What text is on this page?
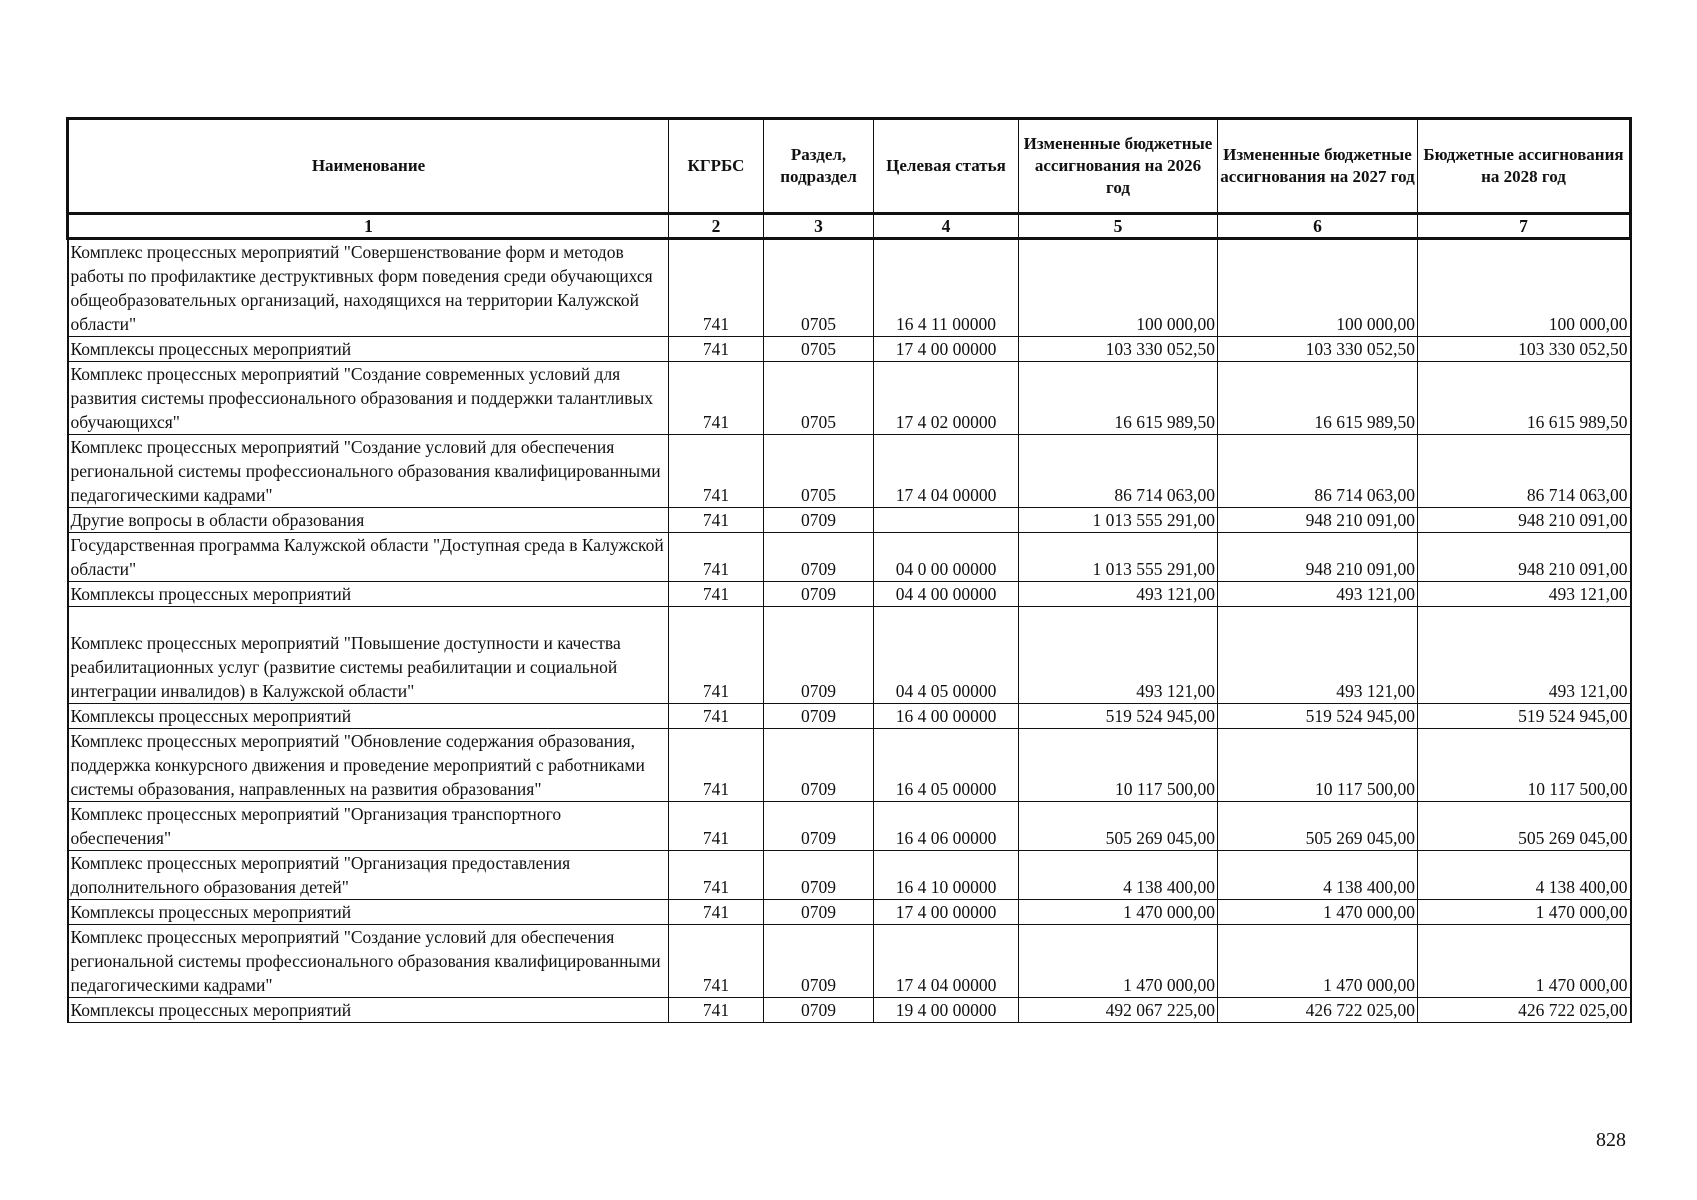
Наименование	КГРБС	Раздел, подраздел	Целевая статья	Измененные бюджетные ассигнования на 2026 год	Измененные бюджетные ассигнования на 2027 год	Бюджетные ассигнования на 2028 год
1	2	3	4	5	6	7
Комплекс процессных мероприятий "Совершенствование форм и методов работы по профилактике деструктивных форм поведения среди обучающихся общеобразовательных организаций, находящихся на территории Калужской области"	741	0705	16 4 11 00000	100 000,00	100 000,00	100 000,00
Комплексы процессных мероприятий	741	0705	17 4 00 00000	103 330 052,50	103 330 052,50	103 330 052,50
Комплекс процессных мероприятий "Создание современных условий для развития системы профессионального образования и поддержки талантливых обучающихся"	741	0705	17 4 02 00000	16 615 989,50	16 615 989,50	16 615 989,50
Комплекс процессных мероприятий "Создание условий для обеспечения региональной системы профессионального образования квалифицированными педагогическими кадрами"	741	0705	17 4 04 00000	86 714 063,00	86 714 063,00	86 714 063,00
Другие вопросы в области образования	741	0709		1 013 555 291,00	948 210 091,00	948 210 091,00
Государственная программа Калужской области "Доступная среда в Калужской области"	741	0709	04 0 00 00000	1 013 555 291,00	948 210 091,00	948 210 091,00
Комплексы процессных мероприятий	741	0709	04 4 00 00000	493 121,00	493 121,00	493 121,00
Комплекс процессных мероприятий "Повышение доступности и качества реабилитационных услуг (развитие системы реабилитации и социальной интеграции инвалидов) в Калужской области"	741	0709	04 4 05 00000	493 121,00	493 121,00	493 121,00
Комплексы процессных мероприятий	741	0709	16 4 00 00000	519 524 945,00	519 524 945,00	519 524 945,00
Комплекс процессных мероприятий "Обновление содержания образования, поддержка конкурсного движения и проведение мероприятий с работниками системы образования, направленных на развития образования"	741	0709	16 4 05 00000	10 117 500,00	10 117 500,00	10 117 500,00
Комплекс процессных мероприятий "Организация транспортного обеспечения"	741	0709	16 4 06 00000	505 269 045,00	505 269 045,00	505 269 045,00
Комплекс процессных мероприятий "Организация предоставления дополнительного образования детей"	741	0709	16 4 10 00000	4 138 400,00	4 138 400,00	4 138 400,00
Комплексы процессных мероприятий	741	0709	17 4 00 00000	1 470 000,00	1 470 000,00	1 470 000,00
Комплекс процессных мероприятий "Создание условий для обеспечения региональной системы профессионального образования квалифицированными педагогическими кадрами"	741	0709	17 4 04 00000	1 470 000,00	1 470 000,00	1 470 000,00
Комплексы процессных мероприятий	741	0709	19 4 00 00000	492 067 225,00	426 722 025,00	426 722 025,00
828
